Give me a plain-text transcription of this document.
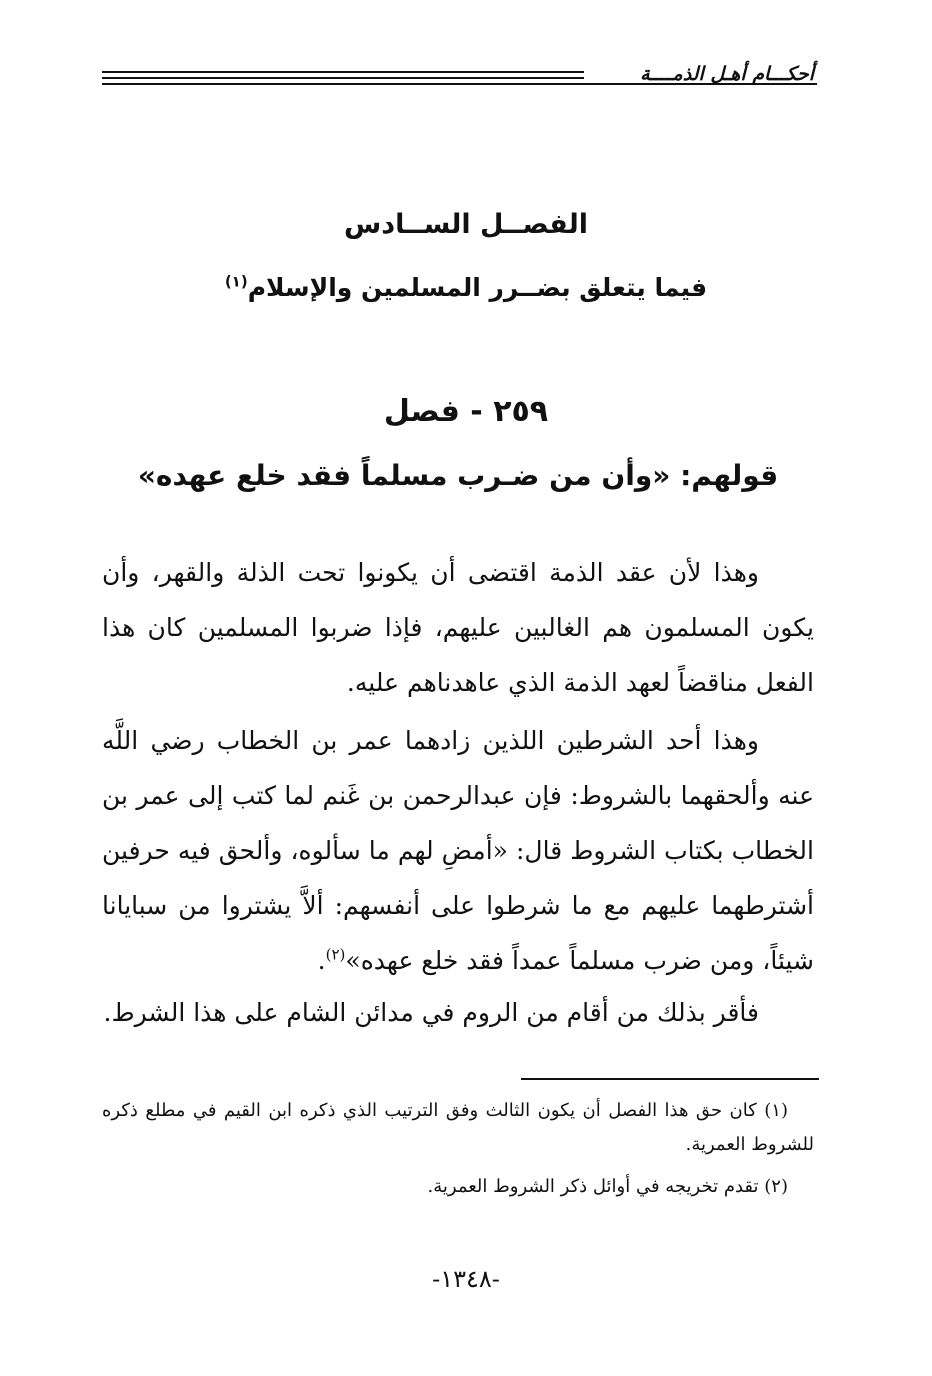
أحكـــام أهـل الذمــــة
الفصــل الســادس
فيما يتعلق بضــرر المسلمين والإسلام$^{(١)}$
٢٥٩ - فصل
قولهم: «وأن من ضـرب مسلماً فقد خلع عهده»

وهذا لأن عقد الذمة اقتضى أن يكونوا تحت الذلة والقهر، وأن يكون المسلمون هم الغالبين عليهم، فإذا ضربوا المسلمين كان هذا الفعل مناقضاً لعهد الذمة الذي عاهدناهم عليه.

وهذا أحد الشرطين اللذين زادهما عمر بن الخطاب رضي اللَّه عنه وألحقهما بالشروط: فإن عبدالرحمن بن غَنم لما كتب إلى عمر بن الخطاب بكتاب الشروط قال: «أمضِ لهم ما سألوه، وألحق فيه حرفين أشترطهما عليهم مع ما شرطوا على أنفسهم: ألاَّ يشتروا من سبايانا شيئاً، ومن ضرب مسلماً عمداً فقد خلع عهده»$^{(٢)}$.

فأقر بذلك من أقام من الروم في مدائن الشام على هذا الشرط.

(١) كان حق هذا الفصل أن يكون الثالث وفق الترتيب الذي ذكره ابن القيم في مطلع ذكره للشروط العمرية.

(٢) تقدم تخريجه في أوائل ذكر الشروط العمرية.

-١٣٤٨-
